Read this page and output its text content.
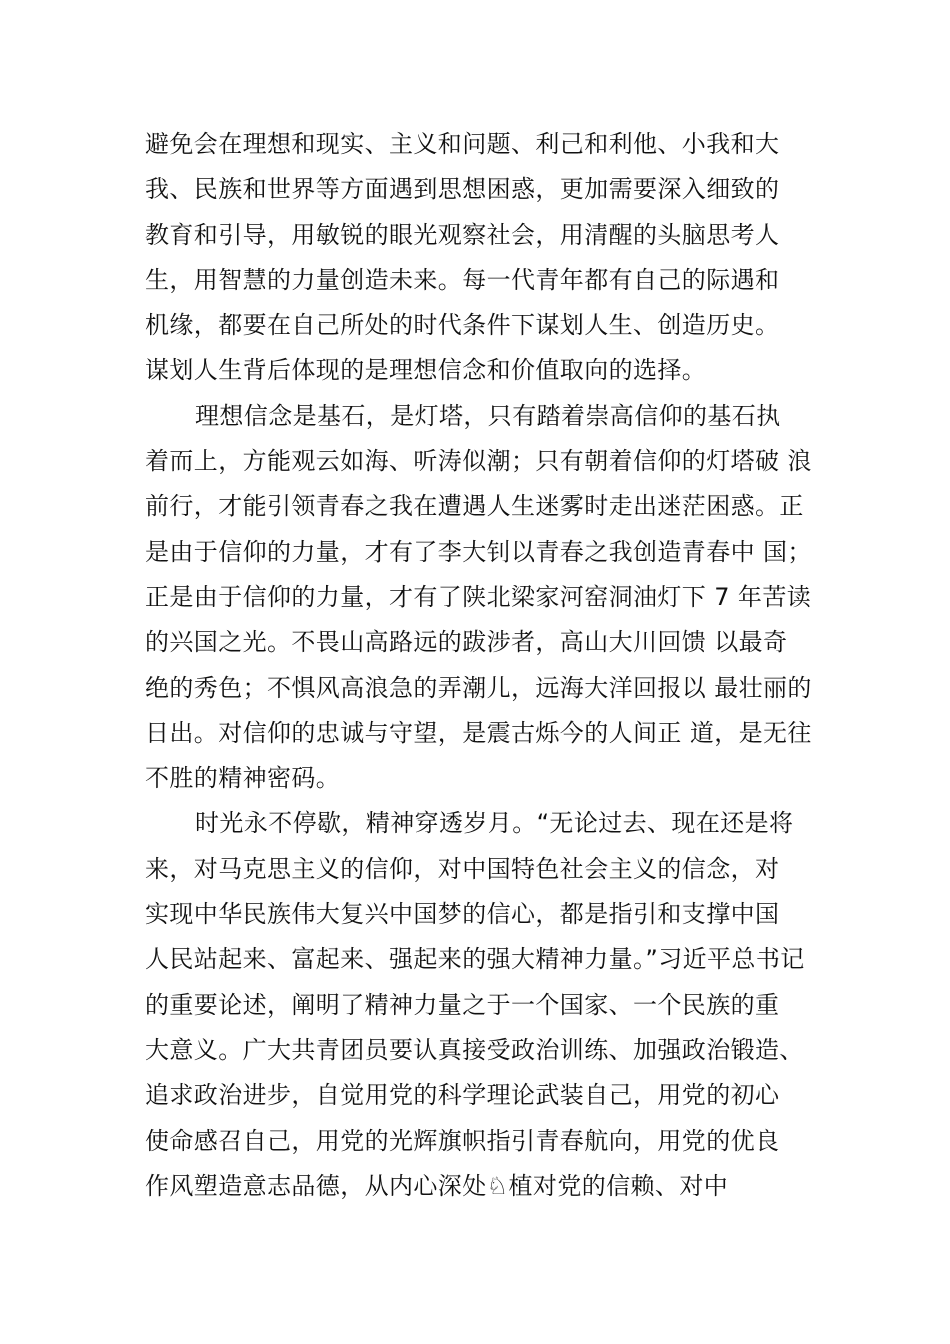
避免会在理想和现实、主义和问题、利己和利他、小我和大
我、民族和世界等方面遇到思想困惑，更加需要深入细致的
教育和引导，用敏锐的眼光观察社会，用清醒的头脑思考人
生，用智慧的力量创造未来。每一代青年都有自己的际遇和
机缘，都要在自己所处的时代条件下谋划人生、创造历史。
谋划人生背后体现的是理想信念和价值取向的选择。
理想信念是基石，是灯塔，只有踏着崇高信仰的基石执
着而上，方能观云如海、听涛似潮；只有朝着信仰的灯塔破 浪
前行，才能引领青春之我在遭遇人生迷雾时走出迷茫困惑。正
是由于信仰的力量，才有了李大钊以青春之我创造青春中 国；
正是由于信仰的力量，才有了陕北梁家河窑洞油灯下 7 年苦读
的兴国之光。不畏山高路远的跋涉者，高山大川回馈 以最奇
绝的秀色；不惧风高浪急的弄潮儿，远海大洋回报以 最壮丽的
日出。对信仰的忠诚与守望，是震古烁今的人间正 道，是无往
不胜的精神密码。
时光永不停歇，精神穿透岁月。“无论过去、现在还是将
来，对马克思主义的信仰，对中国特色社会主义的信念，对
实现中华民族伟大复兴中国梦的信心，都是指引和支撑中国
人民站起来、富起来、强起来的强大精神力量。”习近平总书记
的重要论述，阐明了精神力量之于一个国家、一个民族的重
大意义。广大共青团员要认真接受政治训练、加强政治锻造、
追求政治进步，自觉用党的科学理论武装自己，用党的初心
使命感召自己，用党的光辉旗帜指引青春航向，用党的优良
作风塑造意志品德，从内心深处♘植对党的信赖、对中
